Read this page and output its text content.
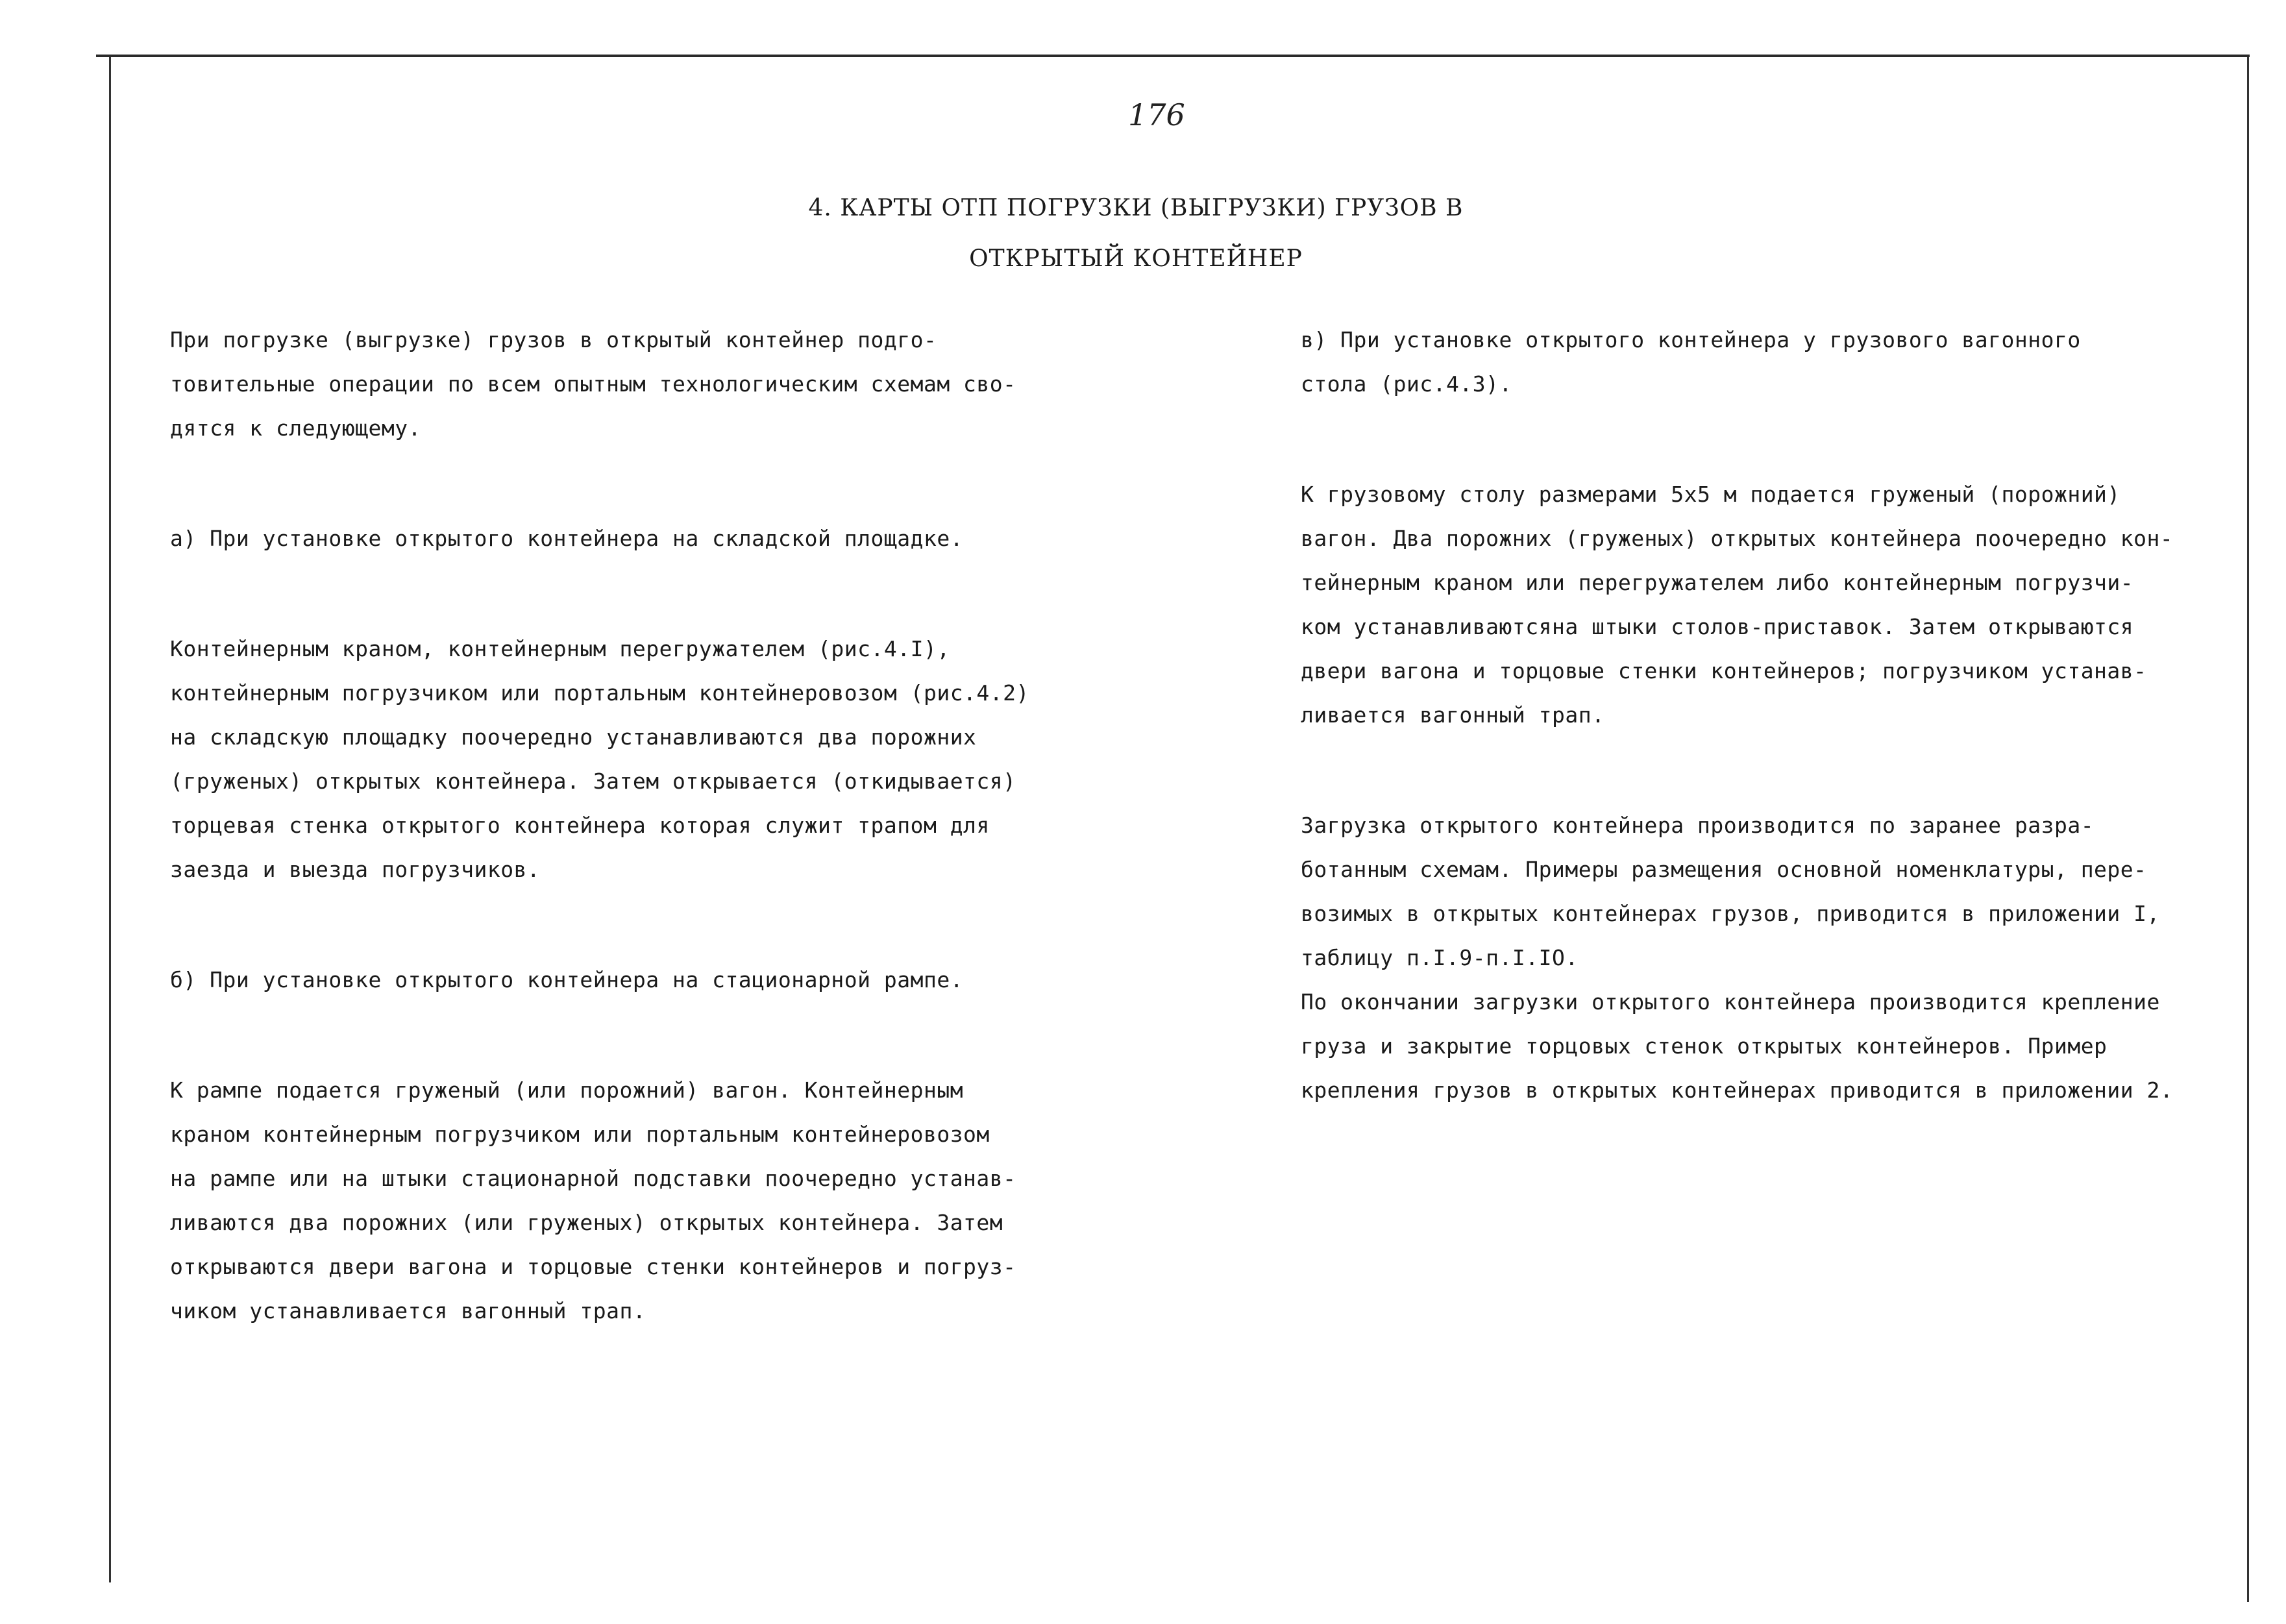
176
4. КАРТЫ ОТП ПОГРУЗКИ (ВЫГРУЗКИ) ГРУЗОВ В
ОТКРЫТЫЙ КОНТЕЙНЕР

При погрузке (выгрузке) грузов в открытый контейнер подго-
товительные операции по всем опытным технологическим схемам сво-
дятся к следующему.

а) При установке открытого контейнера на складской площадке.

Контейнерным краном, контейнерным перегружателем (рис.4.I),
контейнерным погрузчиком или портальным контейнеровозом (рис.4.2)
на складскую площадку поочередно устанавливаются два порожних
(груженых) открытых контейнера. Затем открывается (откидывается)
торцевая стенка открытого контейнера которая служит трапом для
заезда и выезда погрузчиков.

б) При установке открытого контейнера на стационарной рампе.

К рампе подается груженый (или порожний) вагон. Контейнерным
краном контейнерным погрузчиком или портальным контейнеровозом
на рампе или на штыки стационарной подставки поочередно устанав-
ливаются два порожних (или груженых) открытых контейнера. Затем
открываются двери вагона и торцовые стенки контейнеров и погруз-
чиком устанавливается вагонный трап.

в) При установке открытого контейнера у грузового вагонного
стола (рис.4.3).

К грузовому столу размерами 5x5 м подается груженый (порожний)
вагон. Два порожних (груженых) открытых контейнера поочередно кон-
тейнерным краном или перегружателем либо контейнерным погрузчи-
ком устанавливаютсяна штыки столов-приставок. Затем открываются
двери вагона и торцовые стенки контейнеров; погрузчиком устанав-
ливается вагонный трап.

Загрузка открытого контейнера производится по заранее разра-
ботанным схемам. Примеры размещения основной номенклатуры, пере-
возимых в открытых контейнерах грузов, приводится в приложении I,
таблицу п.I.9-п.I.IO.
По окончании загрузки открытого контейнера производится крепление
груза и закрытие торцовых стенок открытых контейнеров. Пример
крепления грузов в открытых контейнерах приводится в приложении 2.
